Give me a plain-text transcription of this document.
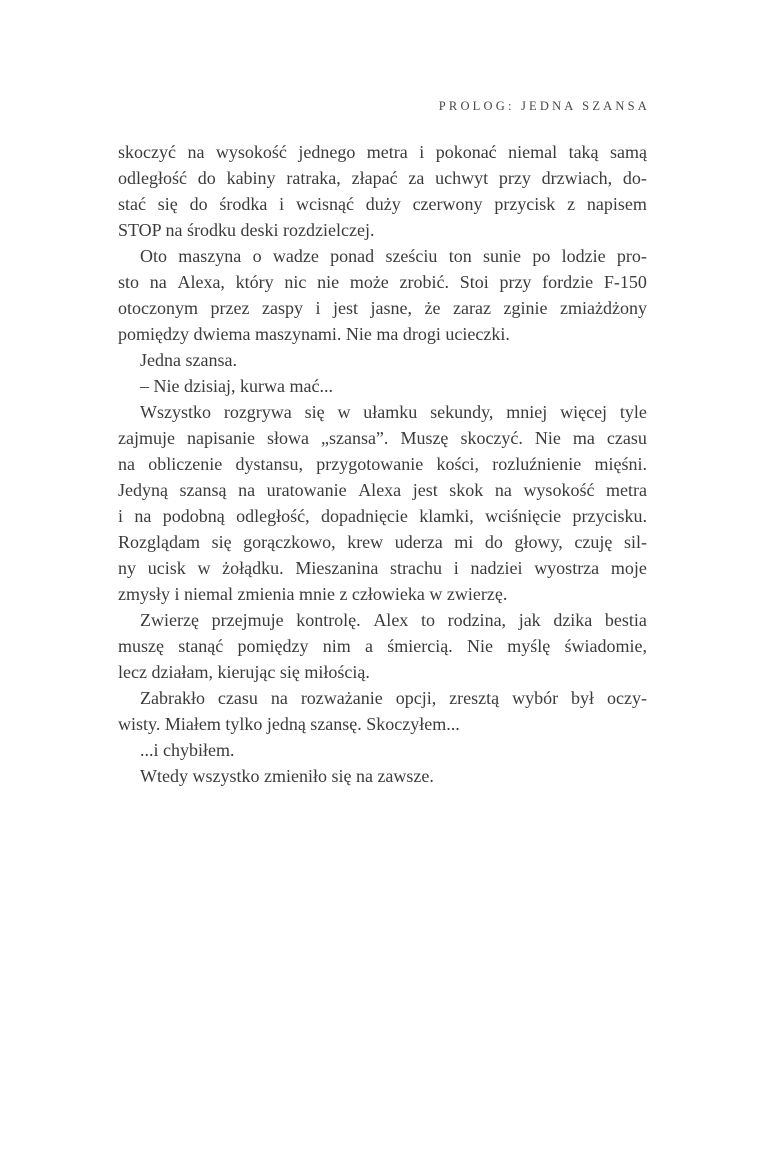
PROLOG: JEDNA SZANSA
skoczyć na wysokość jednego metra i pokonać niemal taką samą
odległość do kabiny ratraka, złapać za uchwyt przy drzwiach, do-
stać się do środka i wcisnąć duży czerwony przycisk z napisem
STOP na środku deski rozdzielczej.
Oto maszyna o wadze ponad sześciu ton sunie po lodzie pro-
sto na Alexa, który nic nie może zrobić. Stoi przy fordzie F-150
otoczonym przez zaspy i jest jasne, że zaraz zginie zmiażdżony
pomiędzy dwiema maszynami. Nie ma drogi ucieczki.
Jedna szansa.
– Nie dzisiaj, kurwa mać...
Wszystko rozgrywa się w ułamku sekundy, mniej więcej tyle
zajmuje napisanie słowa „szansa”. Muszę skoczyć. Nie ma czasu
na obliczenie dystansu, przygotowanie kości, rozluźnienie mięśni.
Jedyną szansą na uratowanie Alexa jest skok na wysokość metra
i na podobną odległość, dopadnięcie klamki, wciśnięcie przycisku.
Rozglądam się gorączkowo, krew uderza mi do głowy, czuję sil-
ny ucisk w żołądku. Mieszanina strachu i nadziei wyostrza moje
zmysły i niemal zmienia mnie z człowieka w zwierzę.
Zwierzę przejmuje kontrolę. Alex to rodzina, jak dzika bestia
muszę stanąć pomiędzy nim a śmiercią. Nie myślę świadomie,
lecz działam, kierując się miłością.
Zabrakło czasu na rozważanie opcji, zresztą wybór był oczy-
wisty. Miałem tylko jedną szansę. Skoczyłem...
...i chybiłem.
Wtedy wszystko zmieniło się na zawsze.
